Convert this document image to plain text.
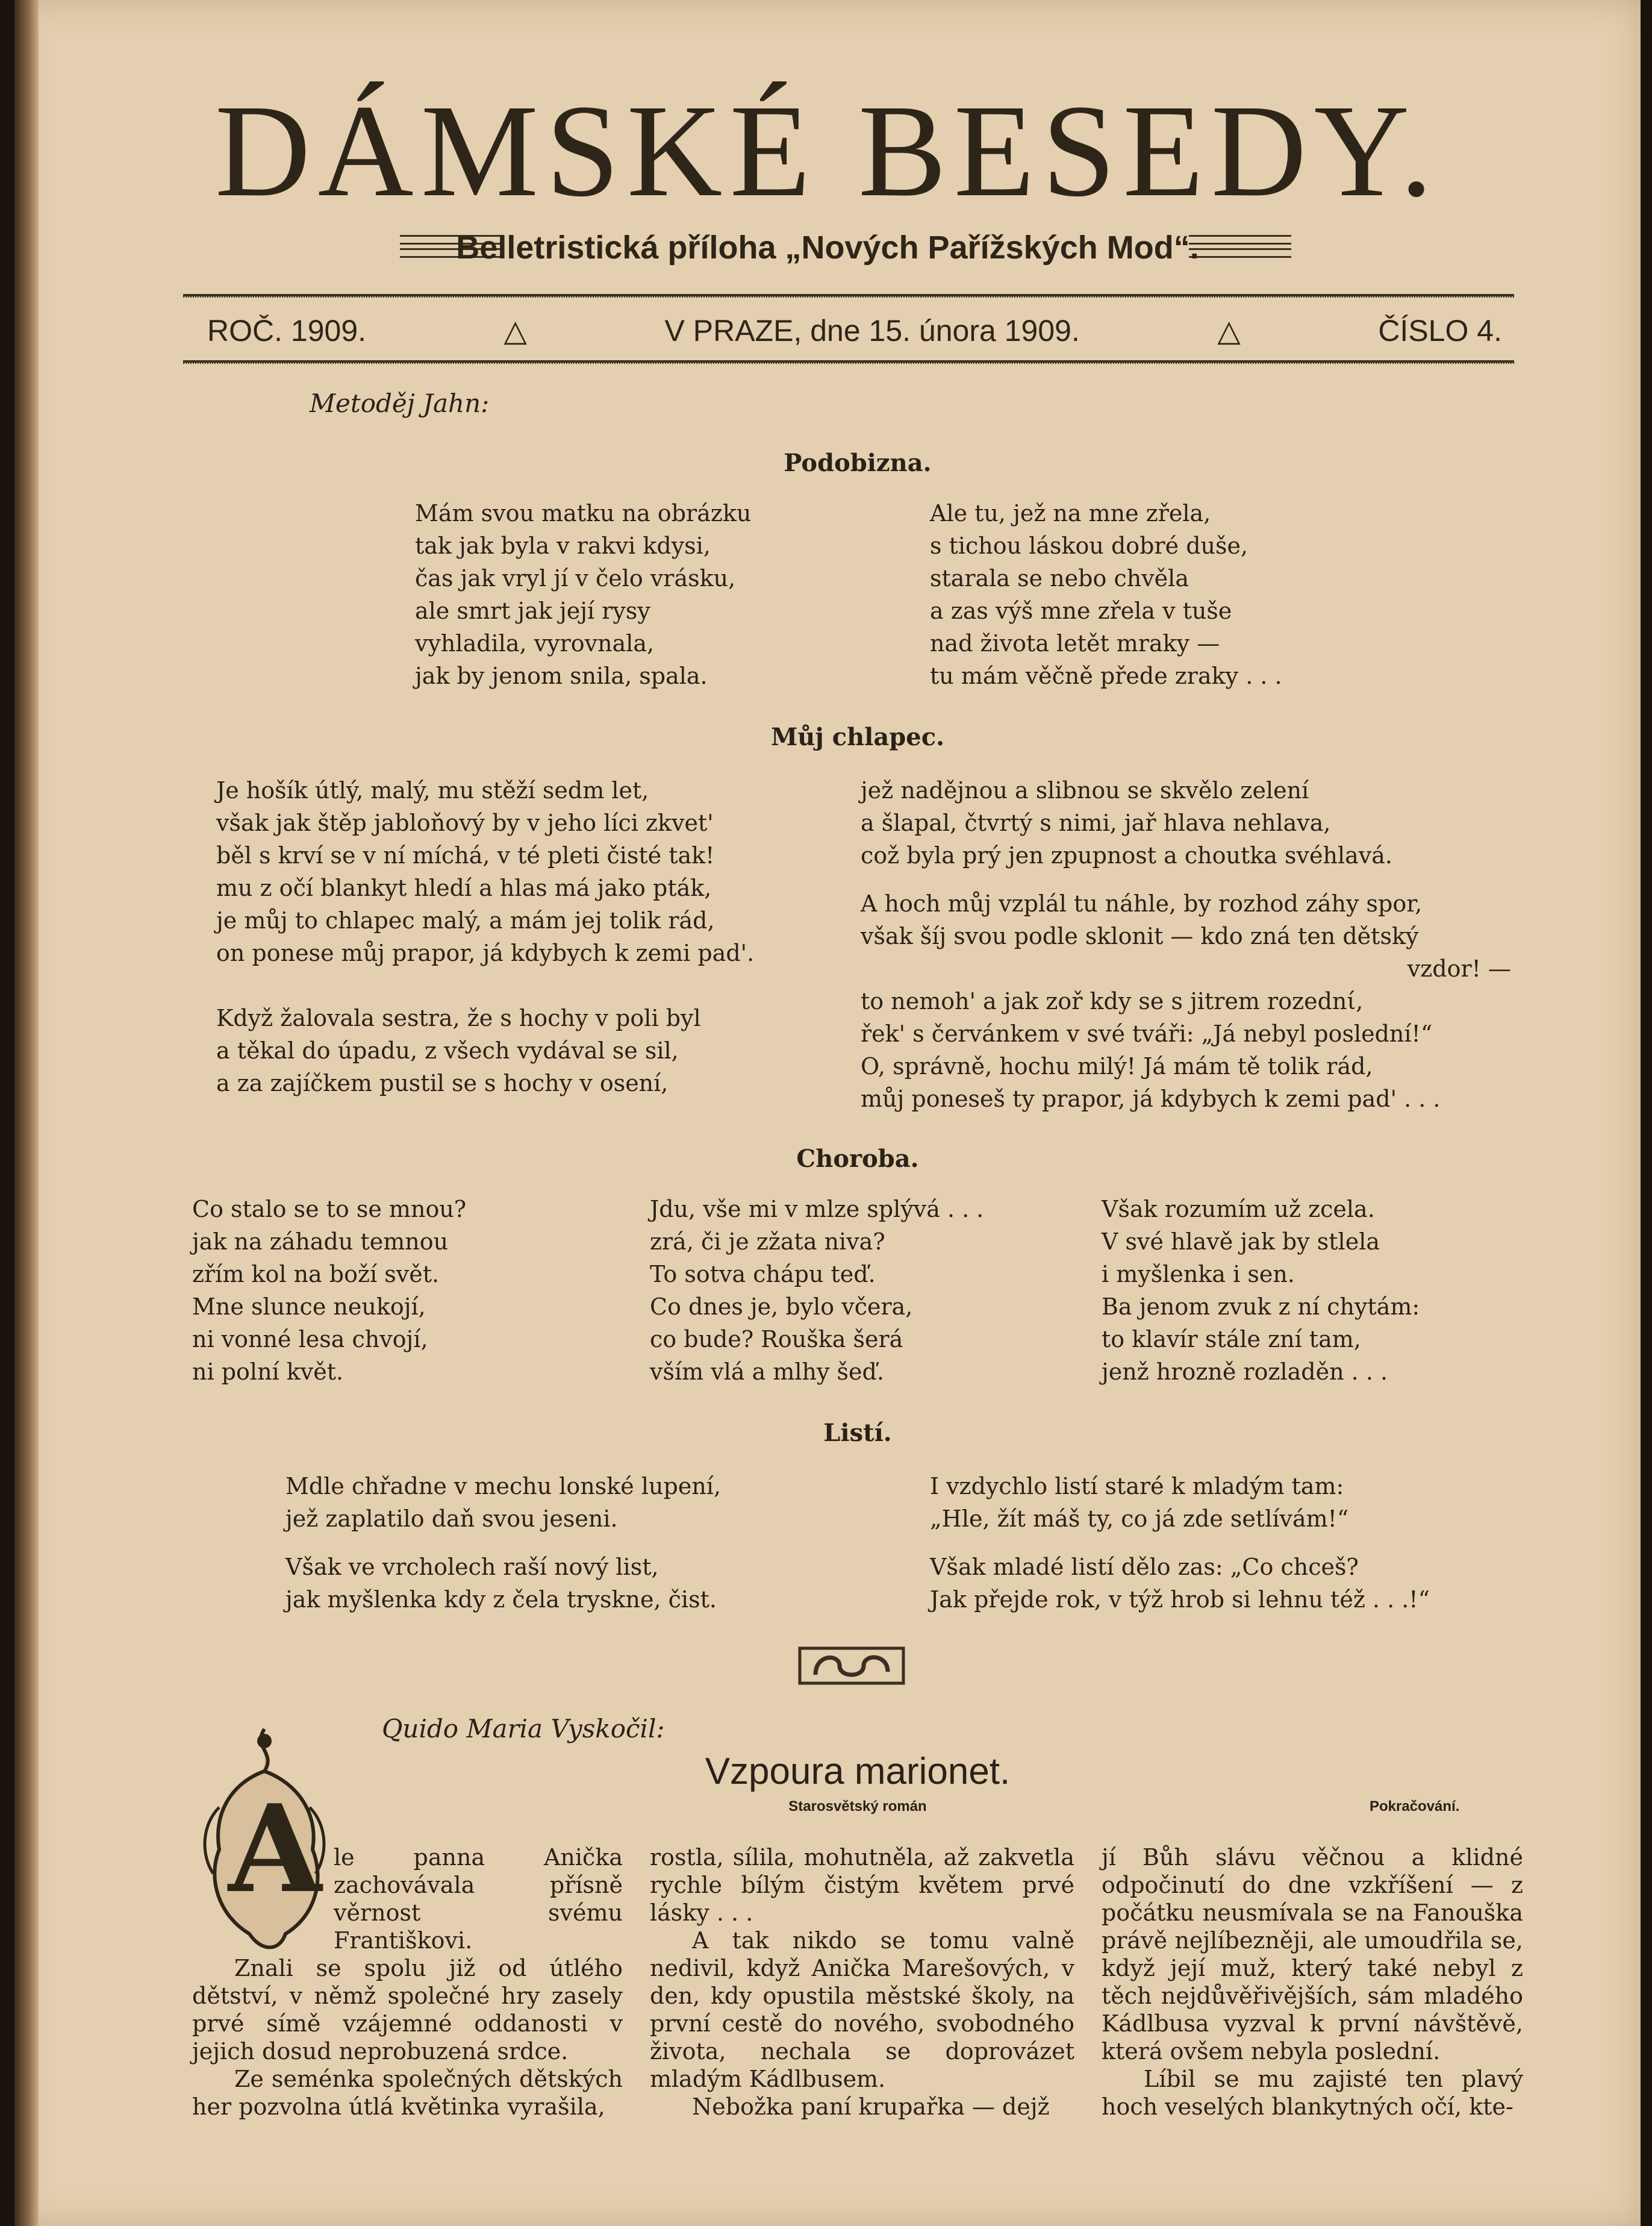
DÁMSKÉ BESEDY.
Belletristická příloha „Nových Pařížských Mod“.
ROČ. 1909.	△	V PRAZE, dne 15. února 1909.	△	ČÍSLO 4.
Metoděj Jahn:
Podobizna.
Mám svou matku na obrázku
tak jak byla v rakvi kdysi,
čas jak vryl jí v čelo vrásku,
ale smrt jak její rysy
vyhladila, vyrovnala,
jak by jenom snila, spala.
Ale tu, jež na mne zřela,
s tichou láskou dobré duše,
starala se nebo chvěla
a zas výš mne zřela v tuše
nad života letět mraky —
tu mám věčně přede zraky . . .
Můj chlapec.
Je hošík útlý, malý, mu stěží sedm let,
však jak štěp jabloňový by v jeho líci zkvet'
běl s krví se v ní míchá, v té pleti čisté tak!
mu z očí blankyt hledí a hlas má jako pták,
je můj to chlapec malý, a mám jej tolik rád,
on ponese můj prapor, já kdybych k zemi pad'.
Když žalovala sestra, že s hochy v poli byl
a těkal do úpadu, z všech vydával se sil,
a za zajíčkem pustil se s hochy v osení,
jež nadějnou a slibnou se skvělo zelení
a šlapal, čtvrtý s nimi, jař hlava nehlava,
což byla prý jen zpupnost a choutka svéhlavá.
A hoch můj vzplál tu náhle, by rozhod záhy spor,
však šíj svou podle sklonit — kdo zná ten dětský
vzdor! —
to nemoh' a jak zoř kdy se s jitrem rozednί,
řek' s červánkem v své tváři: „Já nebyl poslední!“
O, správně, hochu milý! Já mám tě tolik rád,
můj poneseš ty prapor, já kdybych k zemi pad' . . .
Choroba.
Co stalo se to se mnou?
jak na záhadu temnou
zřím kol na boží svět.
Mne slunce neukojí,
ni vonné lesa chvojí,
ni polní květ.
Jdu, vše mi v mlze splývá . . .
zrá, či je zžata niva?
To sotva chápu teď.
Co dnes je, bylo včera,
co bude? Rouška šerá
vším vlá a mlhy šeď.
Však rozumím už zcela.
V své hlavě jak by stlela
i myšlenka i sen.
Ba jenom zvuk z ní chytám:
to klavír stále zní tam,
jenž hrozně rozladěn . . .
Listí.
Mdle chřadne v mechu lonské lupení,
jež zaplatilo daň svou jeseni.
Však ve vrcholech raší nový list,
jak myšlenka kdy z čela tryskne, čist.
I vzdychlo listí staré k mladým tam:
„Hle, žít máš ty, co já zde setlívám!“
Však mladé listí dělo zas: „Co chceš?
Jak přejde rok, v týž hrob si lehnu též . . .!“
Quido Maria Vyskočil:
Vzpoura marionet.
Starosvětský román	Pokračování.
A le panna Anička zachovávala přísně věrnost svému Františkovi.

Znali se spolu již od útlého dětství, v němž společné hry zasely prvé símě vzájemné oddanosti v jejich dosud neprobuzená srdce.

Ze seménka společných dětských her pozvolna útlá květinka vyrašila,

rostla, sílila, mohutněla, až zakvetla rychle bílým čistým květem prvé lásky . . .

A tak nikdo se tomu valně nedivil, když Anička Marešových, v den, kdy opustila městské školy, na první cestě do nového, svobodného života, nechala se doprovázet mladým Kádlbusem.

Nebožka paní krupařka — dejž

jí Bůh slávu věčnou a klidné odpočinutí do dne vzkříšení — z počátku neusmívala se na Fanouška právě nejlíbezněji, ale umoudřila se, když její muž, který také nebyl z těch nejdůvěřivějších, sám mladého Kádlbusa vyzval k první návštěvě, která ovšem nebyla poslední.

Líbil se mu zajisté ten plavý hoch veselých blankytných očí, kte-
